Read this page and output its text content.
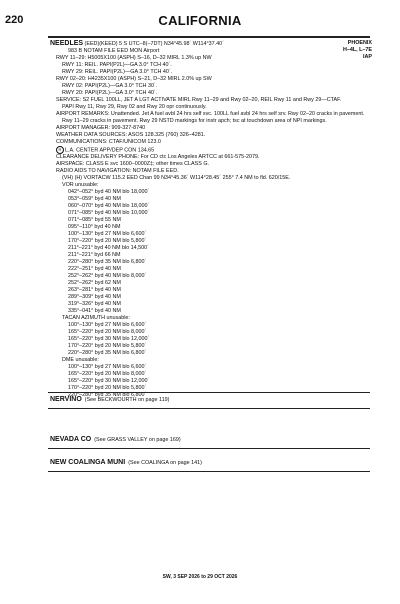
220	CALIFORNIA
PHOENIX
H–4L, L–7E
IAP
NEEDLES (EED)(KEED) 5 S UTC–8(–7DT) N34°45.98´ W114°37.40´
983 B NOTAM FILE EED MON Airport
RWY 11–29: H5005X100 (ASPH) S–16, D–32 MIRL 1.3% up NW
RWY 11: REIL. PAPI(P2L)—GA 3.0° TCH 40´.
RWY 29: REIL. PAPI(P2L)—GA 3.0° TCH 40´.
RWY 02–20: H4235X100 (ASPH) S–21, D–32 MIRL 2.0% up SW
RWY 02: PAPI(P2L)—GA 3.0° TCH 30´.
RWY 20: PAPI(P2L)—GA 3.0° TCH 40´.
SERVICE: S2 FUEL 100LL, JET A LGT ACTIVATE MIRL Rwy 11–29 and Rwy 02–20, REIL Rwy 11 and Rwy 29—CTAF.
PAPI Rwy 11, Rwy 29, Rwy 02 and Rwy 20 opr continuously.
AIRPORT REMARKS: Unattended. Jet A fuel avbl 24 hrs self svc. 100LL fuel avbl 24 hrs self srv. Rwy 02–20 cracks in pavement.
Rwy 11–29 cracks in pavement. Rwy 29 NSTD markings for instr apch; tsc at touchdown area of NPI markings.
AIRPORT MANAGER: 909-327-8740
WEATHER DATA SOURCES: ASOS 128.325 (760) 326–4281.
COMMUNICATIONS: CTAF/UNICOM 123.0
R L.A. CENTER APP/DEP CON 134.65
CLEARANCE DELIVERY PHONE: For CD ctc Los Angeles ARTCC at 661-575-2079.
AIRSPACE: CLASS E svc 1600–0000Z‡; other times CLASS G.
RADIO AIDS TO NAVIGATION: NOTAM FILE EED.
(VH) (H) VORTACW 115.2 EED Chan 99 N34°45.36´ W114°28.45´ 255° 7.4 NM to fld. 620/15E.
VOR unusable:
042°–052° byd 40 NM blo 18,000´
053°–059° byd 40 NM
060°–070° byd 40 NM blo 18,000´
071°–085° byd 40 NM blo 10,000´
071°–085° byd 55 NM
095°–110° byd 40 NM
100°–130° byd 27 NM blo 6,600´
170°–220° byd 20 NM blo 5,800´
211°–221° byd 40 NM blo 14,500´
211°–221° byd 66 NM
220°–280° byd 35 NM blo 6,800´
222°–251° byd 40 NM
252°–262° byd 40 NM blo 8,000´
252°–262° byd 62 NM
263°–281° byd 40 NM
289°–309° byd 40 NM
319°–326° byd 40 NM
335°–041° byd 40 NM
TACAN AZIMUTH unusable:
100°–130° byd 27 NM blo 6,600´
165°–220° byd 20 NM blo 8,000´
165°–220° byd 30 NM blo 12,000´
170°–220° byd 20 NM blo 5,800´
220°–280° byd 35 NM blo 6,800´
DME unusable:
100°–130° byd 27 NM blo 6,600´
165°–220° byd 20 NM blo 8,000´
165°–220° byd 30 NM blo 12,000´
170°–220° byd 20 NM blo 5,800´
220°–280° byd 35 NM blo 6,800´
NERVINO (See BECKWOURTH on page 119)
NEVADA CO (See GRASS VALLEY on page 169)
NEW COALINGA MUNI (See COALINGA on page 141)
SW, 3 SEP 2026 to 29 OCT 2026
